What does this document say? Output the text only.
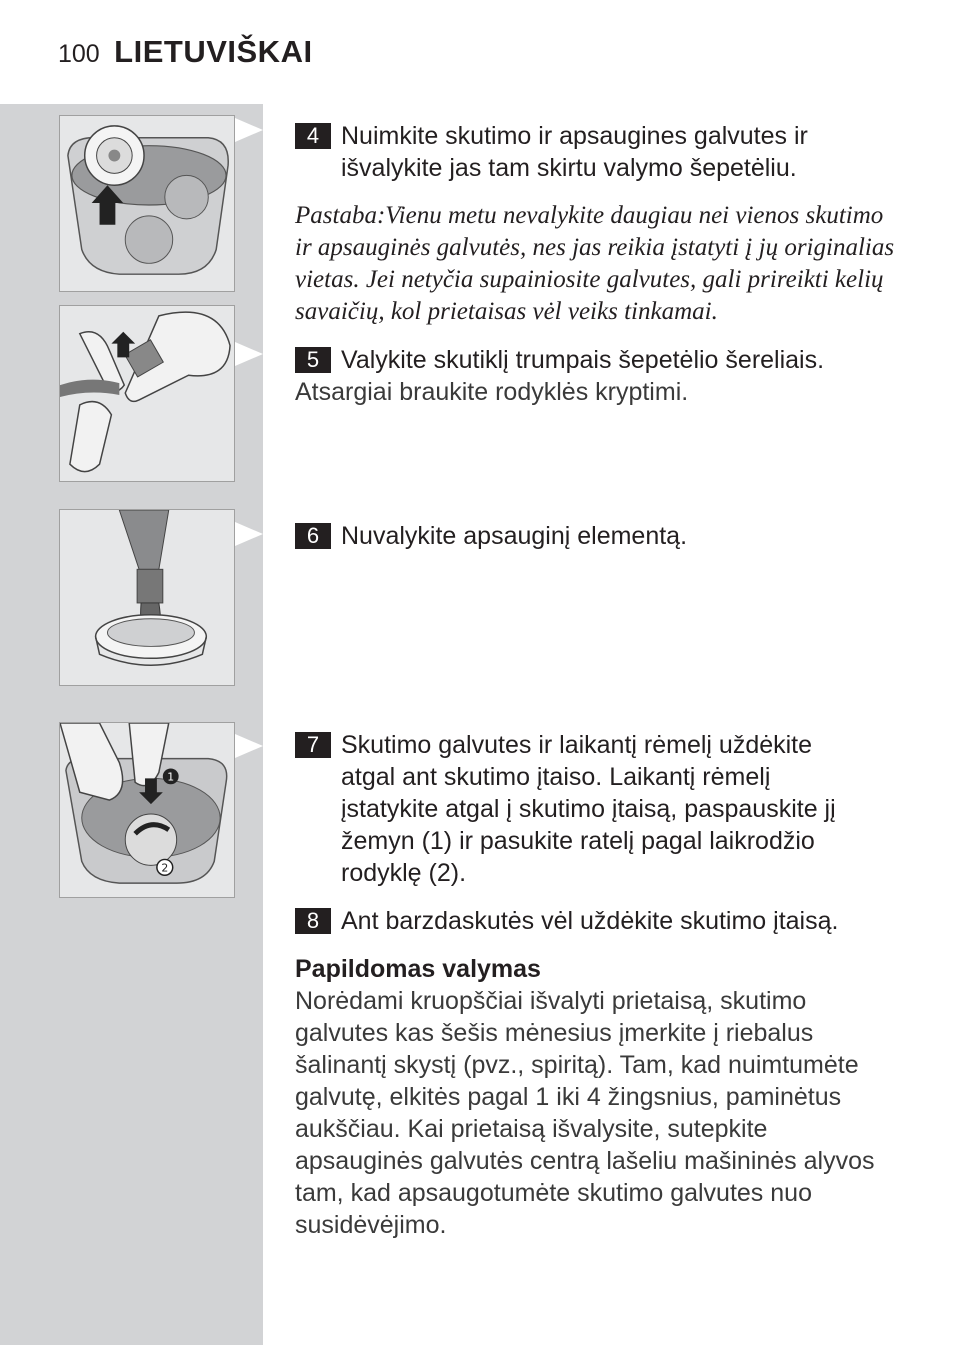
100 LIETUVIŠKAI
1
2
4 Nuimkite skutimo ir apsaugines galvutes ir išvalykite jas tam skirtu valymo šepetėliu.
Pastaba:Vienu metu nevalykite daugiau nei vienos skutimo ir apsauginės galvutės, nes jas reikia įstatyti į jų originalias vietas. Jei netyčia supainiosite galvutes, gali prireikti kelių savaičių, kol prietaisas vėl veiks tinkamai.
5 Valykite skutiklį trumpais šepetėlio šereliais.
Atsargiai braukite rodyklės kryptimi.
6 Nuvalykite apsauginį elementą.
7 Skutimo galvutes ir laikantį rėmelį uždėkite atgal ant skutimo įtaiso. Laikantį rėmelį įstatykite atgal į skutimo įtaisą, paspauskite jį žemyn (1) ir pasukite ratelį pagal laikrodžio rodyklę (2).
8 Ant barzdaskutės vėl uždėkite skutimo įtaisą.
Papildomas valymas
Norėdami kruopščiai išvalyti prietaisą, skutimo galvutes kas šešis mėnesius įmerkite į riebalus šalinantį skystį (pvz., spiritą). Tam, kad nuimtumėte galvutę, elkitės pagal 1 iki 4 žingsnius, paminėtus aukščiau. Kai prietaisą išvalysite, sutepkite apsauginės galvutės centrą lašeliu mašininės alyvos tam, kad apsaugotumėte skutimo galvutes nuo susidėvėjimo.
